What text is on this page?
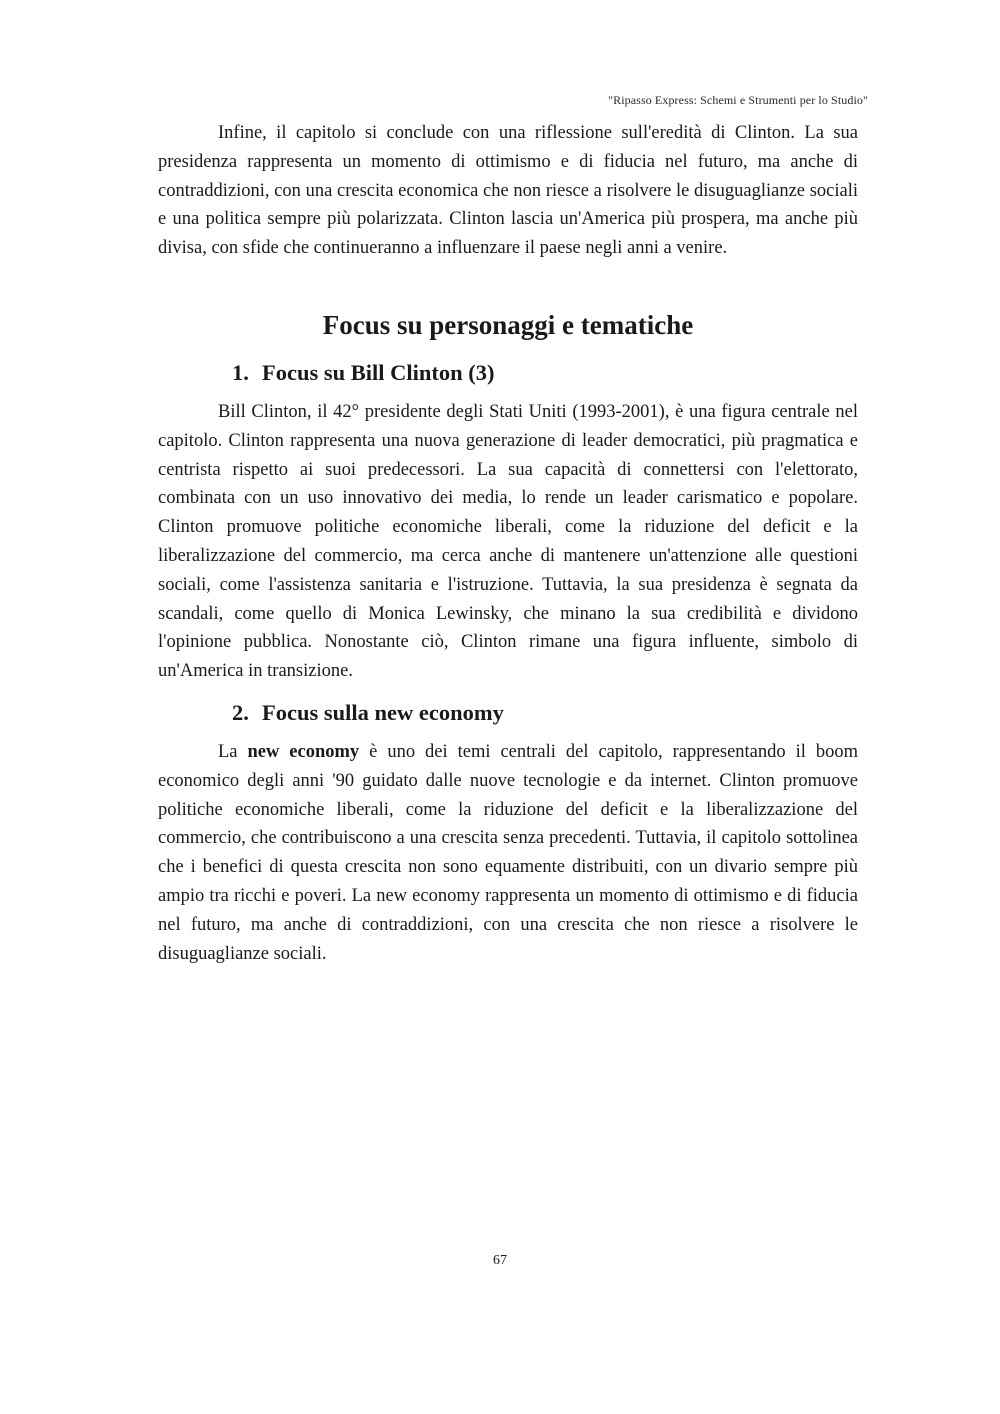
"Ripasso Express: Schemi e Strumenti per lo Studio"

Infine, il capitolo si conclude con una riflessione sull'eredità di Clinton. La sua presidenza rappresenta un momento di ottimismo e di fiducia nel futuro, ma anche di contraddizioni, con una crescita economica che non riesce a risolvere le disuguaglianze sociali e una politica sempre più polarizzata. Clinton lascia un'America più prospera, ma anche più divisa, con sfide che continueranno a influenzare il paese negli anni a venire.

Focus su personaggi e tematiche
1. Focus su Bill Clinton (3)

Bill Clinton, il 42° presidente degli Stati Uniti (1993-2001), è una figura centrale nel capitolo. Clinton rappresenta una nuova generazione di leader democratici, più pragmatica e centrista rispetto ai suoi predecessori. La sua capacità di connettersi con l'elettorato, combinata con un uso innovativo dei media, lo rende un leader carismatico e popolare. Clinton promuove politiche economiche liberali, come la riduzione del deficit e la liberalizzazione del commercio, ma cerca anche di mantenere un'attenzione alle questioni sociali, come l'assistenza sanitaria e l'istruzione. Tuttavia, la sua presidenza è segnata da scandali, come quello di Monica Lewinsky, che minano la sua credibilità e dividono l'opinione pubblica. Nonostante ciò, Clinton rimane una figura influente, simbolo di un'America in transizione.

2. Focus sulla new economy

La new economy è uno dei temi centrali del capitolo, rappresentando il boom economico degli anni '90 guidato dalle nuove tecnologie e da internet. Clinton promuove politiche economiche liberali, come la riduzione del deficit e la liberalizzazione del commercio, che contribuiscono a una crescita senza precedenti. Tuttavia, il capitolo sottolinea che i benefici di questa crescita non sono equamente distribuiti, con un divario sempre più ampio tra ricchi e poveri. La new economy rappresenta un momento di ottimismo e di fiducia nel futuro, ma anche di contraddizioni, con una crescita che non riesce a risolvere le disuguaglianze sociali.

67
